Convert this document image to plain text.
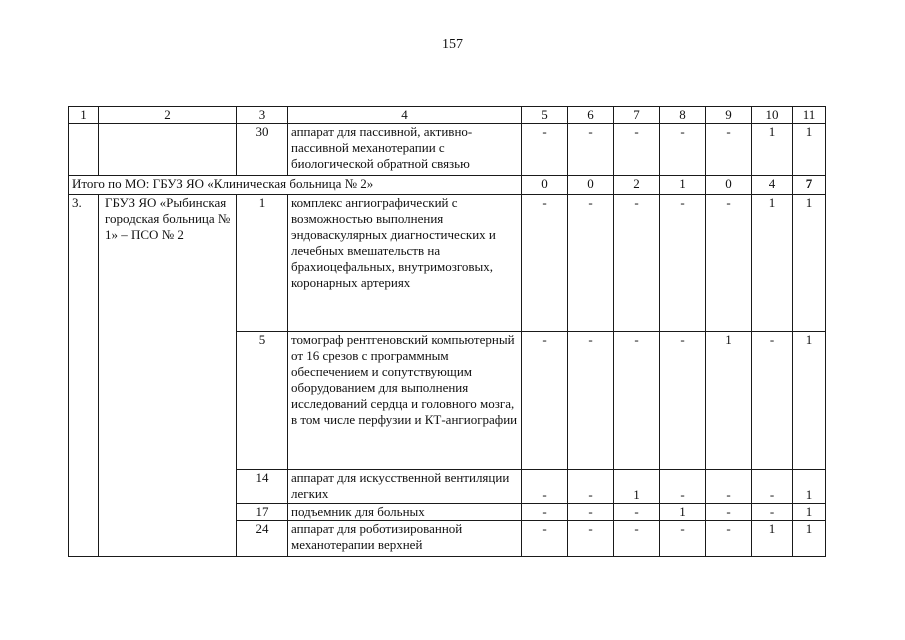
157
1	2	3	4	5	6	7	8	9	10	11
		30	аппарат для пассивной, активно-пассивной механотерапии с биологической обратной связью	-	-	-	-	-	1	1
Итого по МО: ГБУЗ ЯО «Клиническая больница № 2»				0	0	2	1	0	4	7
3.	ГБУЗ ЯО «Рыбинская городская больница № 1» – ПСО № 2	1	комплекс ангиографический с возможностью выполнения эндоваскулярных диагностических и лечебных вмешательств на брахиоцефальных, внутримозговых, коронарных артериях	-	-	-	-	-	1	1
		5	томограф рентгеновский компьютерный от 16 срезов с программным обеспечением и сопутствующим оборудованием для выполнения исследований сердца и головного мозга, в том числе перфузии и КТ-ангиографии	-	-	-	-	1	-	1
		14	аппарат для искусственной вентиляции легких	-	-	1	-	-	-	1
		17	подъемник для больных	-	-	-	1	-	-	1
		24	аппарат для роботизированной механотерапии верхней	-	-	-	-	-	1	1
